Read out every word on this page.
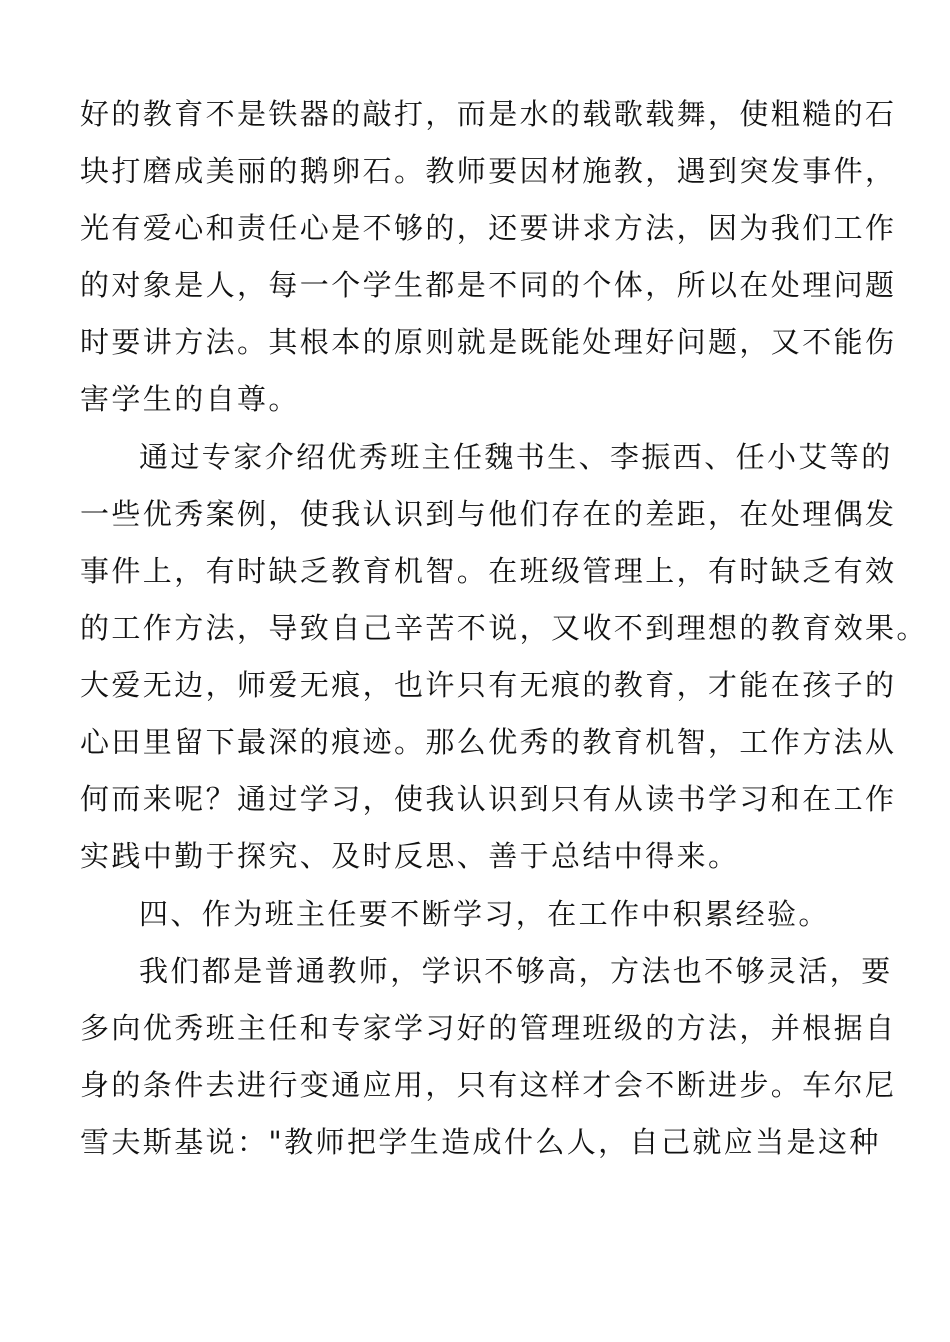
好的教育不是铁器的敲打，而是水的载歌载舞，使粗糙的石
块打磨成美丽的鹅卵石。教师要因材施教，遇到突发事件，
光有爱心和责任心是不够的，还要讲求方法，因为我们工作
的对象是人，每一个学生都是不同的个体，所以在处理问题
时要讲方法。其根本的原则就是既能处理好问题，又不能伤
害学生的自尊。
通过专家介绍优秀班主任魏书生、李振西、任小艾等的
一些优秀案例，使我认识到与他们存在的差距，在处理偶发
事件上，有时缺乏教育机智。在班级管理上，有时缺乏有效
的工作方法，导致自己辛苦不说，又收不到理想的教育效果。
大爱无边，师爱无痕，也许只有无痕的教育，才能在孩子的
心田里留下最深的痕迹。那么优秀的教育机智，工作方法从
何而来呢？通过学习，使我认识到只有从读书学习和在工作
实践中勤于探究、及时反思、善于总结中得来。
四、作为班主任要不断学习，在工作中积累经验。
我们都是普通教师，学识不够高，方法也不够灵活，要
多向优秀班主任和专家学习好的管理班级的方法，并根据自
身的条件去进行变通应用，只有这样才会不断进步。车尔尼
雪夫斯基说："教师把学生造成什么人，自己就应当是这种
